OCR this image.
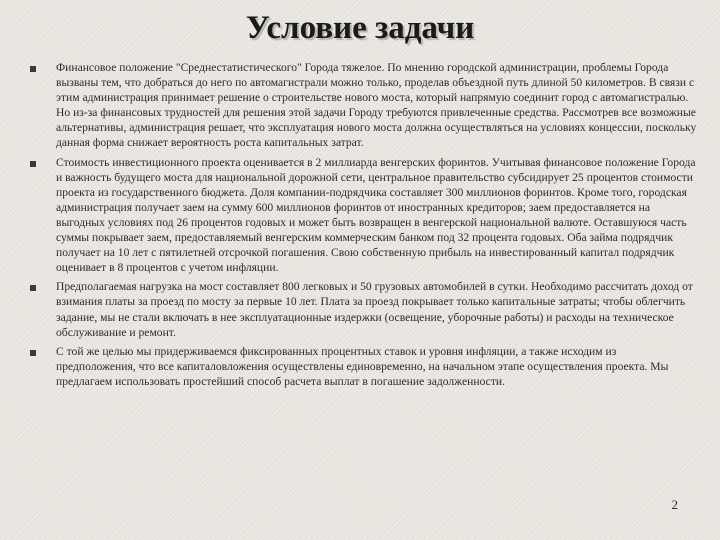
Условие задачи
Финансовое положение "Среднестатистического" Города тяжелое. По мнению городской администрации, проблемы Города вызваны тем, что добраться до него по автомагистрали можно только, проделав объездной путь длиной 50 километров. В связи с этим администрация принимает решение о строительстве нового моста, который напрямую соединит город с автомагистралью. Но из-за финансовых трудностей для решения этой задачи Городу требуются привлеченные средства. Рассмотрев все возможные альтернативы, администрация решает, что эксплуатация нового моста должна осуществляться на условиях концессии, поскольку данная форма снижает вероятность роста капитальных затрат.
Стоимость инвестиционного проекта оценивается в 2 миллиарда венгерских форинтов. Учитывая финансовое положение Города и важность будущего моста для национальной дорожной сети, центральное правительство субсидирует 25 процентов стоимости проекта из государственного бюджета. Доля компании-подрядчика составляет 300 миллионов форинтов. Кроме того, городская администрация получает заем на сумму 600 миллионов форинтов от иностранных кредиторов; заем предоставляется на выгодных условиях под 26 процентов годовых и может быть возвращен в венгерской национальной валюте. Оставшуюся часть суммы покрывает заем, предоставляемый венгерским коммерческим банком под 32 процента годовых. Оба займа подрядчик получает на 10 лет с пятилетней отсрочкой погашения. Свою собственную прибыль на инвестированный капитал подрядчик оценивает в 8 процентов с учетом инфляции.
Предполагаемая нагрузка на мост составляет 800 легковых и 50 грузовых автомобилей в сутки. Необходимо рассчитать доход от взимания платы за проезд по мосту за первые 10 лет. Плата за проезд покрывает только капитальные затраты; чтобы облегчить задание, мы не стали включать в нее эксплуатационные издержки (освещение, уборочные работы) и расходы на техническое обслуживание и ремонт.
С той же целью мы придерживаемся фиксированных процентных ставок и уровня инфляции, а также исходим из предположения, что все капиталовложения осуществлены единовременно, на начальном этапе осуществления проекта. Мы предлагаем использовать простейший способ расчета выплат в погашение задолженности.
2
